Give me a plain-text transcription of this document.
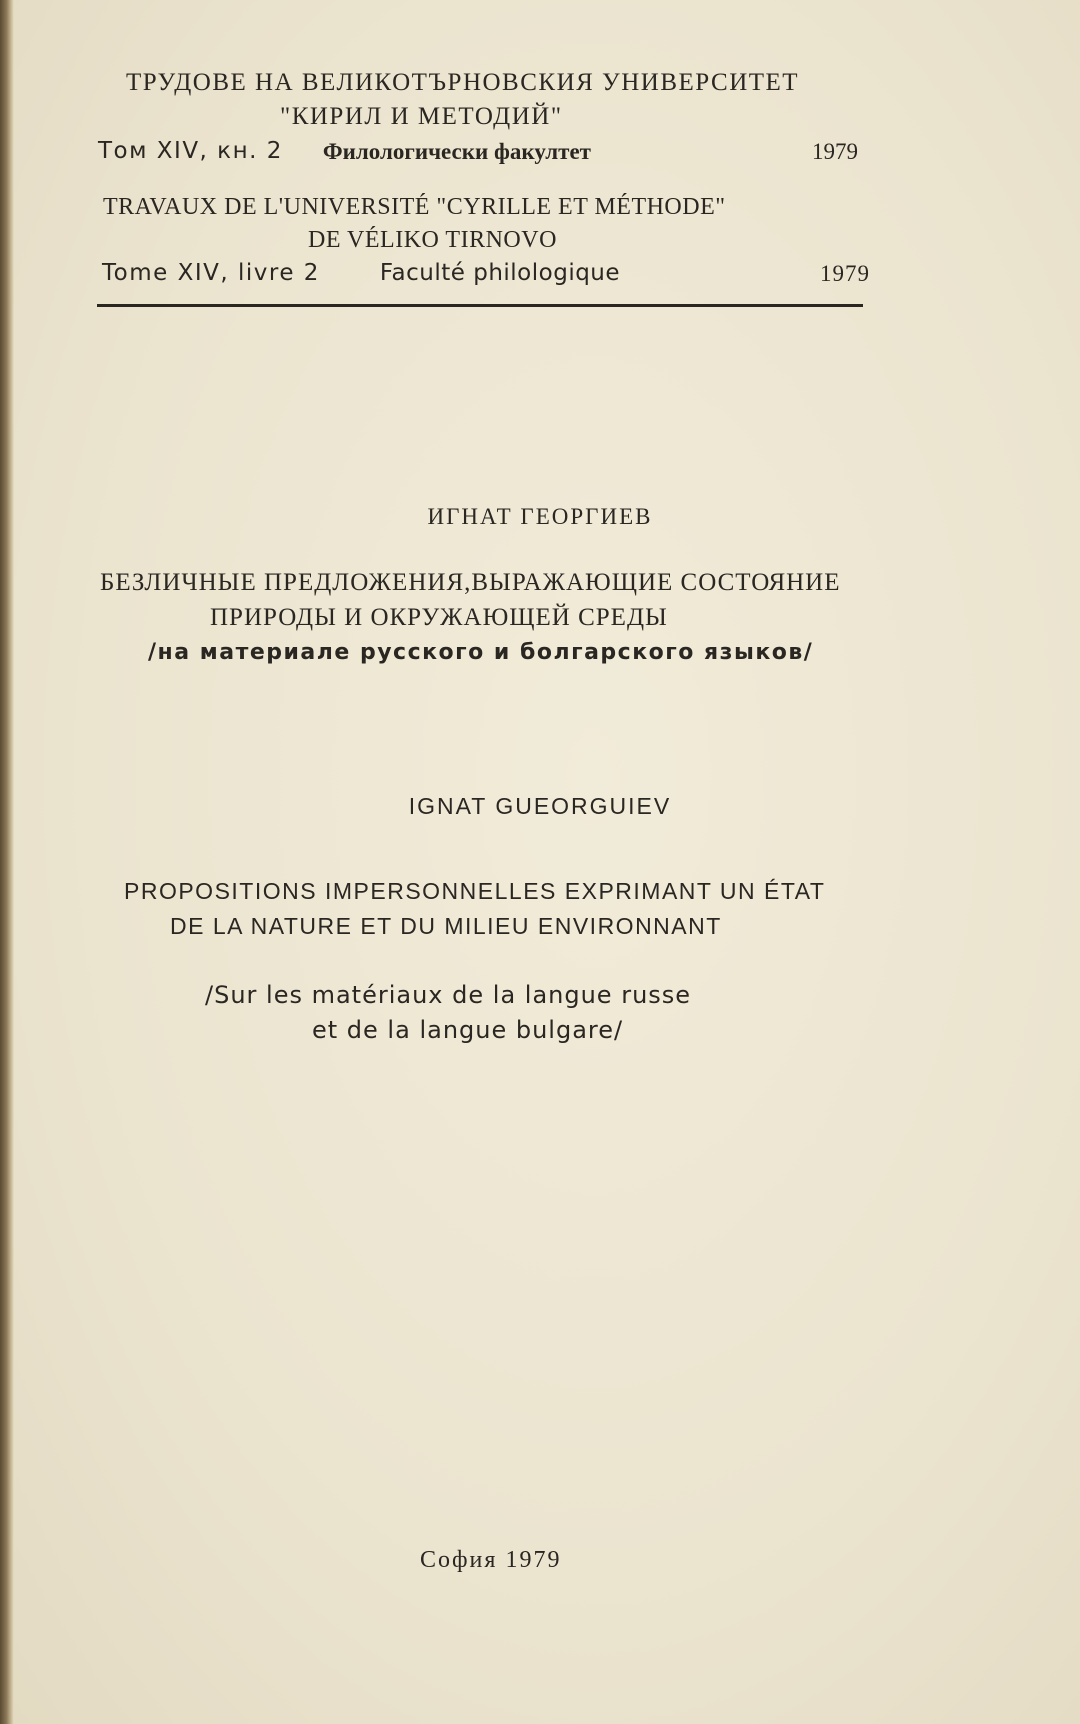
ТРУДОВЕ НА ВЕЛИКОТЪРНОВСКИЯ УНИВЕРСИТЕТ
"КИРИЛ И МЕТОДИЙ"
Том XIV, кн. 2 Филологически факултет	1979
TRAVAUX DE L'UNIVERSITÉ "CYRILLE ET MÉTHODE"
DE VÉLIKO TIRNOVO
Tome XIV, livre 2	Faculté philologique	1979
ИГНАТ ГЕОРГИЕВ
БЕЗЛИЧНЫЕ ПРЕДЛОЖЕНИЯ,ВЫРАЖАЮЩИЕ СОСТОЯНИЕ
ПРИРОДЫ И ОКРУЖАЮЩЕЙ СРЕДЫ
/на материале русского и болгарского языков/
IGNAT GUEORGUIEV
PROPOSITIONS IMPERSONNELLES EXPRIMANT UN ÉTAT
DE LA NATURE ET DU MILIEU ENVIRONNANT
/Sur les matériaux de la langue russe
et de la langue bulgare/
София 1979
